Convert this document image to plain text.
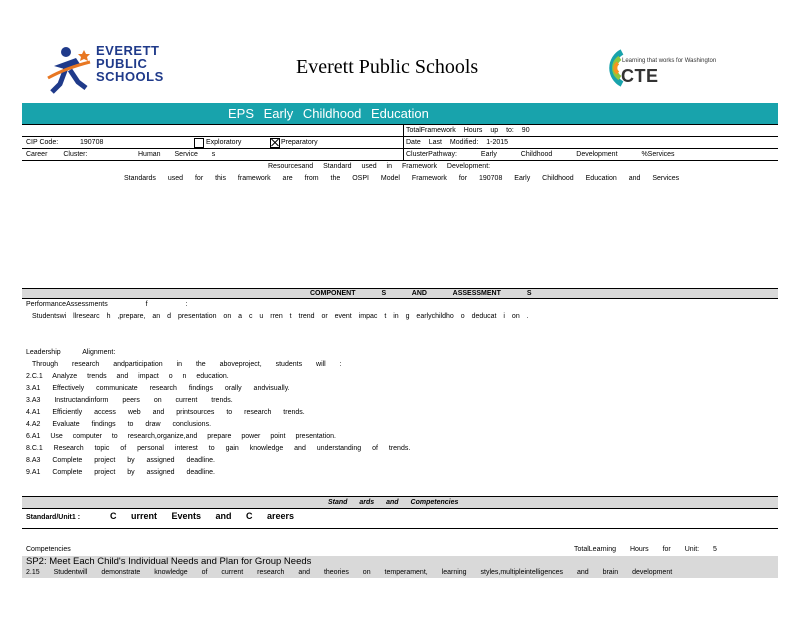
EVERETT
PUBLIC
SCHOOLS	Everett Public Schools	Learning that works for Washington
CTE
EPS Early Childhood Education
TotalFramework Hours up to: 90
CIP Code:	190708	Exploratory	Preparatory	Date Last Modified: 1-2015
Career Cluster:	Human Service s	ClusterPathway: Early Childhood Development %Services
Resourcesand Standard used in Framework Development:
Standards used for this framework are from the OSPI Model Framework for 190708 Early Childhood Education and Services
COMPONENT S AND ASSESSMENT S
PerformanceAssessments f :
Studentswi llresearc h ,prepare, an d presentation on a c u rren t trend or event impac t in g earlychildho o deducat i on .
Leadership Alignment:
Through research andparticipation in the aboveproject, students will :
2.C.1 Analyze trends and impact o n education.
3.A1 Effectively communicate research findings orally andvisually.
3.A3 Instructandinform peers on current trends.
4.A1 Efficiently access web and printsources to research trends.
4.A2 Evaluate findings to draw conclusions.
6.A1 Use computer to research,organize,and prepare power point presentation.
8.C.1 Research topic of personal interest to gain knowledge and understanding of trends.
8.A3 Complete project by assigned deadline.
9.A1 Complete project by assigned deadline.
Stand ards and Competencies
Standard/Unit1 :	C urrent Events and C areers
Competencies	TotalLearning Hours for Unit: 5
SP2: Meet Each Child's Individual Needs and Plan for Group Needs
2.15 Studentwill demonstrate knowledge of current research and theories on temperament, learning styles,multipleintelligences and brain development
